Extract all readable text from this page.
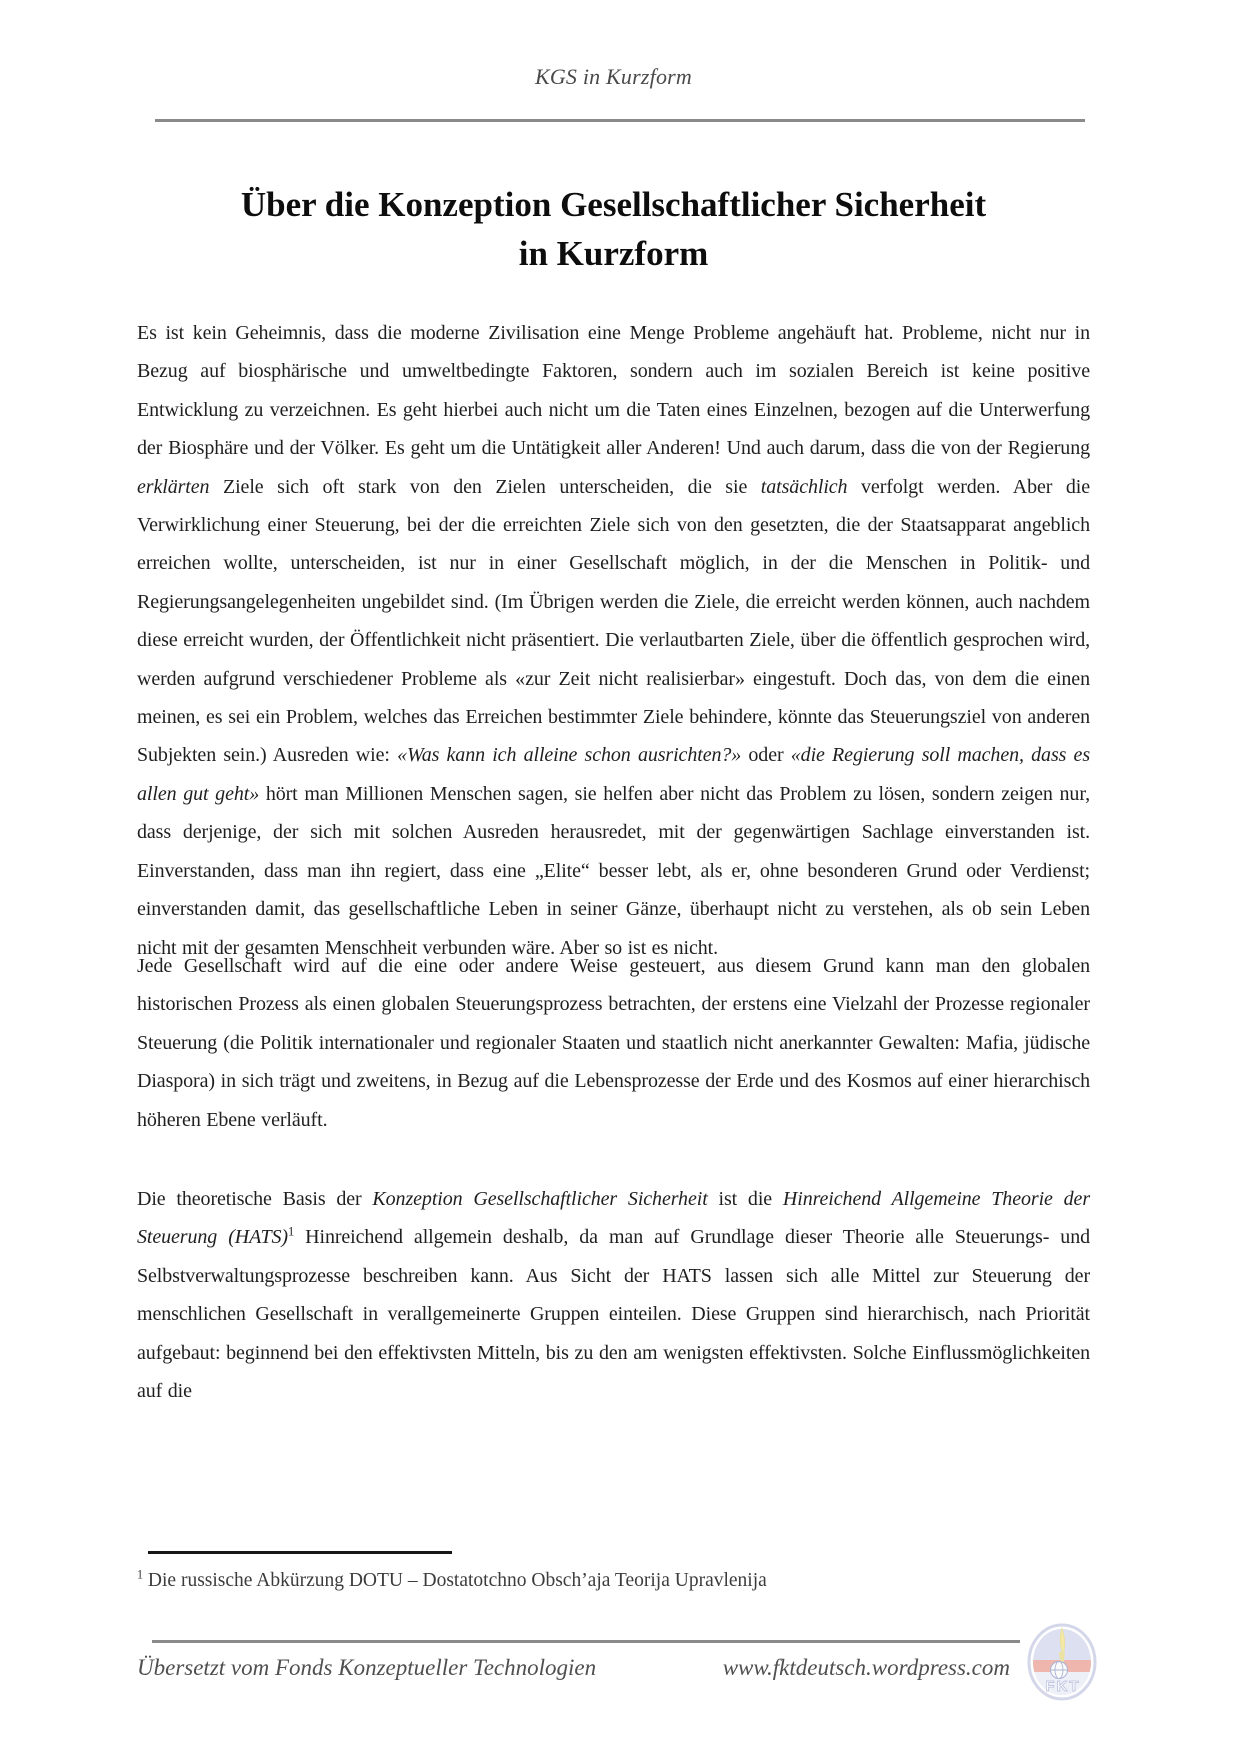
KGS in Kurzform
Über die Konzeption Gesellschaftlicher Sicherheit
in Kurzform

Es ist kein Geheimnis, dass die moderne Zivilisation eine Menge Probleme angehäuft hat. Probleme, nicht nur in Bezug auf biosphärische und umweltbedingte Faktoren, sondern auch im sozialen Bereich ist keine positive Entwicklung zu verzeichnen. Es geht hierbei auch nicht um die Taten eines Einzelnen, bezogen auf die Unterwerfung der Biosphäre und der Völker. Es geht um die Untätigkeit aller Anderen! Und auch darum, dass die von der Regierung erklärten Ziele sich oft stark von den Zielen unterscheiden, die sie tatsächlich verfolgt werden. Aber die Verwirklichung einer Steuerung, bei der die erreichten Ziele sich von den gesetzten, die der Staatsapparat angeblich erreichen wollte, unterscheiden, ist nur in einer Gesellschaft möglich, in der die Menschen in Politik- und Regierungsangelegenheiten ungebildet sind. (Im Übrigen werden die Ziele, die erreicht werden können, auch nachdem diese erreicht wurden, der Öffentlichkeit nicht präsentiert. Die verlautbarten Ziele, über die öffentlich gesprochen wird, werden aufgrund verschiedener Probleme als «zur Zeit nicht realisierbar» eingestuft. Doch das, von dem die einen meinen, es sei ein Problem, welches das Erreichen bestimmter Ziele behindere, könnte das Steuerungsziel von anderen Subjekten sein.) Ausreden wie: «Was kann ich alleine schon ausrichten?» oder «die Regierung soll machen, dass es allen gut geht» hört man Millionen Menschen sagen, sie helfen aber nicht das Problem zu lösen, sondern zeigen nur, dass derjenige, der sich mit solchen Ausreden herausredet, mit der gegenwärtigen Sachlage einverstanden ist. Einverstanden, dass man ihn regiert, dass eine „Elite“ besser lebt, als er, ohne besonderen Grund oder Verdienst; einverstanden damit, das gesellschaftliche Leben in seiner Gänze, überhaupt nicht zu verstehen, als ob sein Leben nicht mit der gesamten Menschheit verbunden wäre. Aber so ist es nicht.

Jede Gesellschaft wird auf die eine oder andere Weise gesteuert, aus diesem Grund kann man den globalen historischen Prozess als einen globalen Steuerungsprozess betrachten, der erstens eine Vielzahl der Prozesse regionaler Steuerung (die Politik internationaler und regionaler Staaten und staatlich nicht anerkannter Gewalten: Mafia, jüdische Diaspora) in sich trägt und zweitens, in Bezug auf die Lebensprozesse der Erde und des Kosmos auf einer hierarchisch höheren Ebene verläuft.

Die theoretische Basis der Konzeption Gesellschaftlicher Sicherheit ist die Hinreichend Allgemeine Theorie der Steuerung (HATS)$^1$ Hinreichend allgemein deshalb, da man auf Grundlage dieser Theorie alle Steuerungs- und Selbstverwaltungsprozesse beschreiben kann. Aus Sicht der HATS lassen sich alle Mittel zur Steuerung der menschlichen Gesellschaft in verallgemeinerte Gruppen einteilen. Diese Gruppen sind hierarchisch, nach Priorität aufgebaut: beginnend bei den effektivsten Mitteln, bis zu den am wenigsten effektivsten. Solche Einflussmöglichkeiten auf die

$^1$ Die russische Abkürzung DOTU – Dostatotchno Obsch’aja Teorija Upravlenija
Übersetzt vom Fonds Konzeptueller Technologien	www.fktdeutsch.wordpress.com
FKT
